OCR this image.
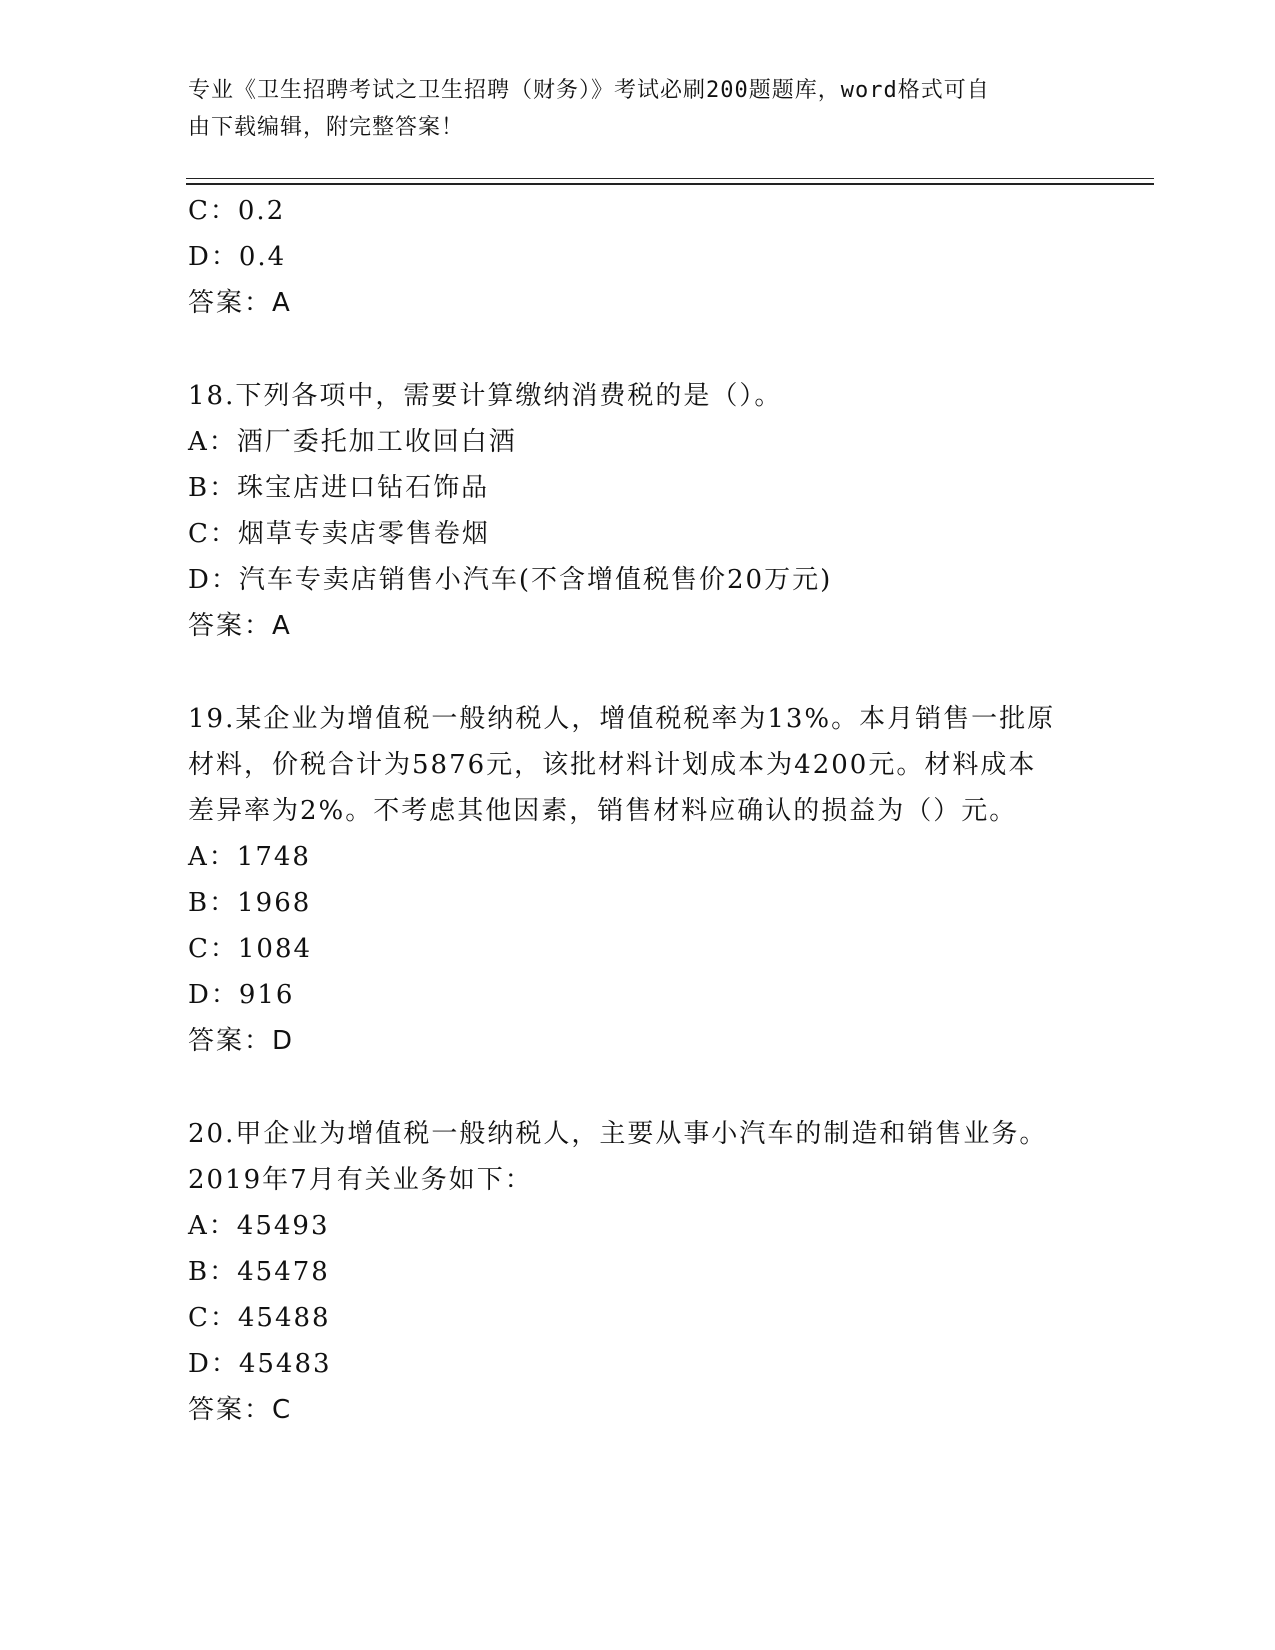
专业《卫生招聘考试之卫生招聘（财务）》考试必刷200题题库，word格式可自
由下载编辑，附完整答案！
C：0.2
D：0.4
答案：A
18.下列各项中，需要计算缴纳消费税的是（）。
A：酒厂委托加工收回白酒
B：珠宝店进口钻石饰品
C：烟草专卖店零售卷烟
D：汽车专卖店销售小汽车(不含增值税售价20万元)
答案：A
19.某企业为增值税一般纳税人，增值税税率为13%。本月销售一批原
材料，价税合计为5876元，该批材料计划成本为4200元。材料成本
差异率为2%。不考虑其他因素，销售材料应确认的损益为（）元。
A：1748
B：1968
C：1084
D：916
答案：D
20.甲企业为增值税一般纳税人，主要从事小汽车的制造和销售业务。
2019年7月有关业务如下：
A：45493
B：45478
C：45488
D：45483
答案：C
